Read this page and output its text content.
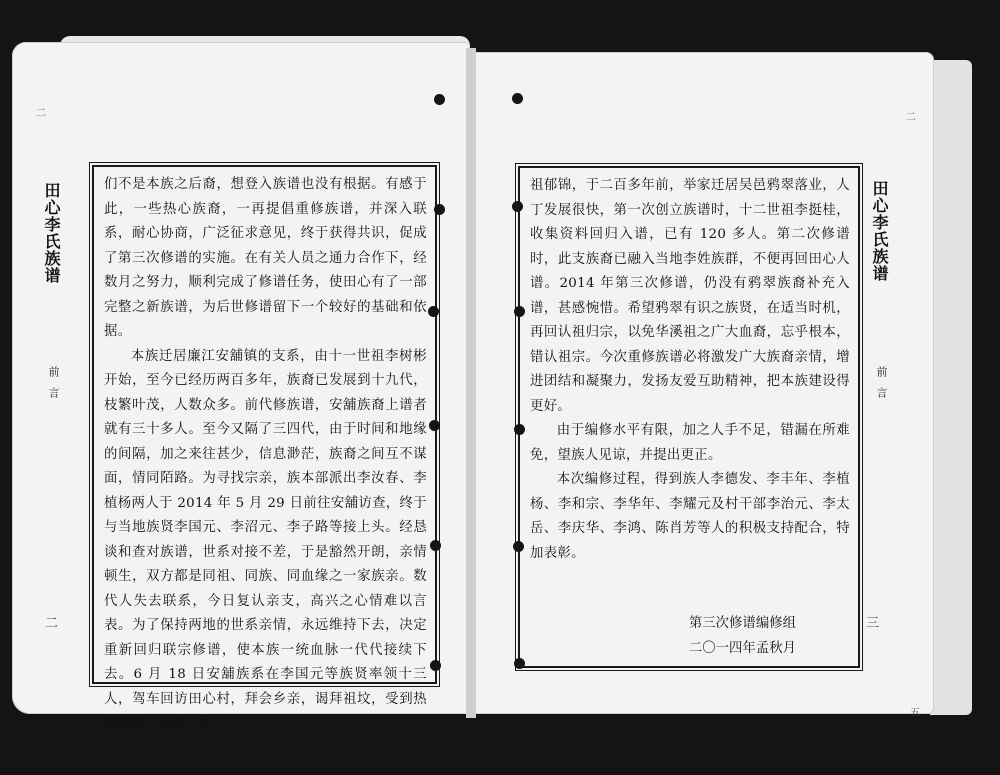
二
田心李氏族谱
前言
二

们不是本族之后裔，想登入族谱也没有根据。有感于此，一些热心族裔，一再提倡重修族谱，并深入联系，耐心协商，广泛征求意见，终于获得共识，促成了第三次修谱的实施。在有关人员之通力合作下，经数月之努力，顺利完成了修谱任务，使田心有了一部完整之新族谱，为后世修谱留下一个较好的基础和依据。

本族迁居廉江安舖镇的支系，由十一世祖李树彬开始，至今已经历两百多年，族裔已发展到十九代，枝繁叶茂，人数众多。前代修族谱，安舖族裔上谱者就有三十多人。至今又隔了三四代，由于时间和地缘的间隔，加之来往甚少，信息渺茫，族裔之间互不谋面，情同陌路。为寻找宗亲，族本部派出李汝春、李植杨两人于 2014 年 5 月 29 日前往安舖访查，终于与当地族贤李国元、李沼元、李子路等接上头。经恳谈和查对族谱，世系对接不差，于是豁然开朗，亲情顿生，双方都是同祖、同族、同血缘之一家族亲。数代人失去联系，今日复认亲支，高兴之心情难以言表。为了保持两地的世系亲情，永远维持下去，决定重新回归联宗修谱，使本族一统血脉一代代接续下去。6 月 18 日安舖族系在李国元等族贤率领十三人，驾车回访田心村，拜会乡亲，谒拜祖坟，受到热情接待。五房八世

二
田心李氏族谱
前言
三
五

祖郁锦，于二百多年前，举家迁居吴邑鸦翠落业，人丁发展很快，第一次创立族谱时，十二世祖李挺桂，收集资料回归入谱，已有 120 多人。第二次修谱时，此支族裔已融入当地李姓族群，不便再回田心人谱。2014 年第三次修谱，仍没有鸦翠族裔补充入谱，甚感惋惜。希望鸦翠有识之族贤，在适当时机，再回认祖归宗，以免华溪祖之广大血裔，忘乎根本，错认祖宗。今次重修族谱必将激发广大族裔亲情，增进团结和凝聚力，发扬友爱互助精神，把本族建设得更好。

由于编修水平有限，加之人手不足，错漏在所难免，望族人见谅，并提出更正。

本次编修过程，得到族人李德发、李丰年、李植杨、李和宗、李华年、李耀元及村干部李治元、李太岳、李庆华、李鸿、陈肖芳等人的积极支持配合，特加表彰。

第三次修谱编修组

二〇一四年孟秋月
